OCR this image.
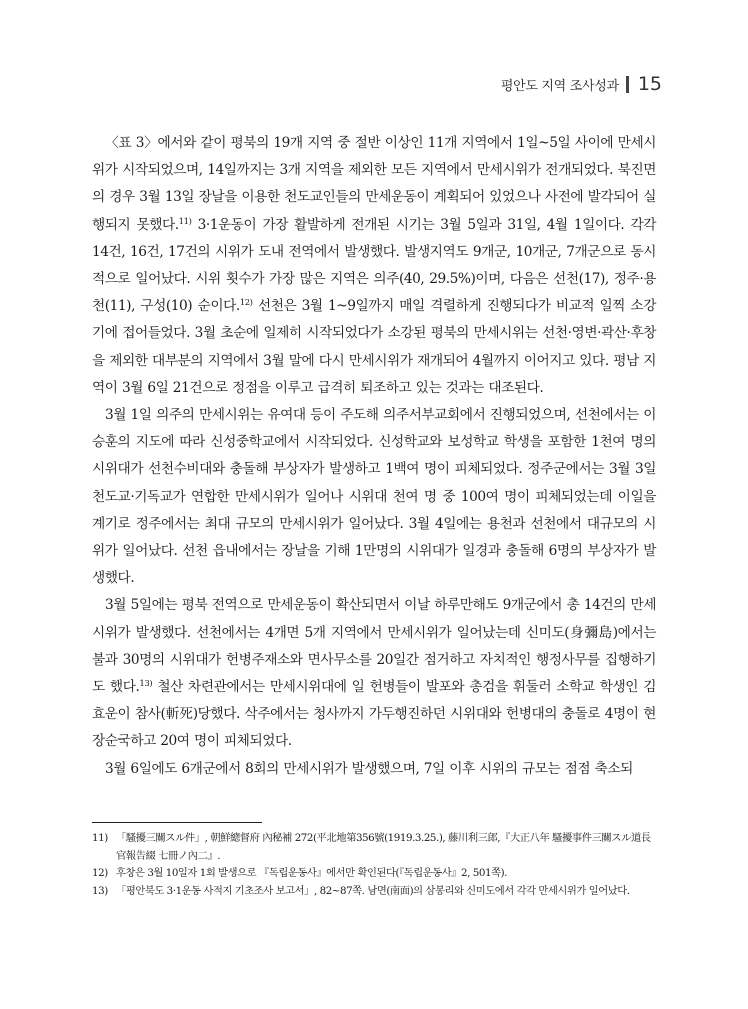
평안도 지역 조사성과 15

〈표 3〉에서와 같이 평북의 19개 지역 중 절반 이상인 11개 지역에서 1일~5일 사이에 만세시위가 시작되었으며, 14일까지는 3개 지역을 제외한 모든 지역에서 만세시위가 전개되었다. 북진면의 경우 3월 13일 장날을 이용한 천도교인들의 만세운동이 계획되어 있었으나 사전에 발각되어 실행되지 못했다.$^{11)}$ 3·1운동이 가장 활발하게 전개된 시기는 3월 5일과 31일, 4월 1일이다. 각각 14건, 16건, 17건의 시위가 도내 전역에서 발생했다. 발생지역도 9개군, 10개군, 7개군으로 동시적으로 일어났다. 시위 횟수가 가장 많은 지역은 의주(40, 29.5%)이며, 다음은 선천(17), 정주·용천(11), 구성(10) 순이다.$^{12)}$ 선천은 3월 1~9일까지 매일 격렬하게 진행되다가 비교적 일찍 소강기에 접어들었다. 3월 초순에 일제히 시작되었다가 소강된 평북의 만세시위는 선천·영변·곽산·후창을 제외한 대부분의 지역에서 3월 말에 다시 만세시위가 재개되어 4월까지 이어지고 있다. 평남 지역이 3월 6일 21건으로 정점을 이루고 급격히 퇴조하고 있는 것과는 대조된다.

3월 1일 의주의 만세시위는 유여대 등이 주도해 의주서부교회에서 진행되었으며, 선천에서는 이승훈의 지도에 따라 신성중학교에서 시작되었다. 신성학교와 보성학교 학생을 포함한 1천여 명의 시위대가 선천수비대와 충돌해 부상자가 발생하고 1백여 명이 피체되었다. 정주군에서는 3월 3일 천도교·기독교가 연합한 만세시위가 일어나 시위대 천여 명 중 100여 명이 피체되었는데 이일을 계기로 정주에서는 최대 규모의 만세시위가 일어났다. 3월 4일에는 용천과 선천에서 대규모의 시위가 일어났다. 선천 읍내에서는 장날을 기해 1만명의 시위대가 일경과 충돌해 6명의 부상자가 발생했다.

3월 5일에는 평북 전역으로 만세운동이 확산되면서 이날 하루만해도 9개군에서 총 14건의 만세시위가 발생했다. 선천에서는 4개면 5개 지역에서 만세시위가 일어났는데 신미도(身彌島)에서는 불과 30명의 시위대가 헌병주재소와 면사무소를 20일간 점거하고 자치적인 행정사무를 집행하기도 했다.$^{13)}$ 철산 차련관에서는 만세시위대에 일 헌병들이 발포와 총검을 휘둘러 소학교 학생인 김효운이 참사(斬死)당했다. 삭주에서는 청사까지 가두행진하던 시위대와 헌병대의 충돌로 4명이 현장순국하고 20여 명이 피체되었다.

3월 6일에도 6개군에서 8회의 만세시위가 발생했으며, 7일 이후 시위의 규모는 점점 축소되

11) 「騷擾三關スル件」, 朝鮮總督府 內秘補 272(平北地第356號(1919.3.25.), 藤川利三郎,『大正八年 騷擾事件三關スル道長官報告綴 七冊ノ內二』.

12) 후창은 3월 10일자 1회 발생으로 『독립운동사』에서만 확인된다(『독립운동사』2, 501쪽).

13) 「평안북도 3·1운동 사적지 기초조사 보고서」, 82~87쪽. 남면(南面)의 삼봉리와 신미도에서 각각 만세시위가 일어났다.
